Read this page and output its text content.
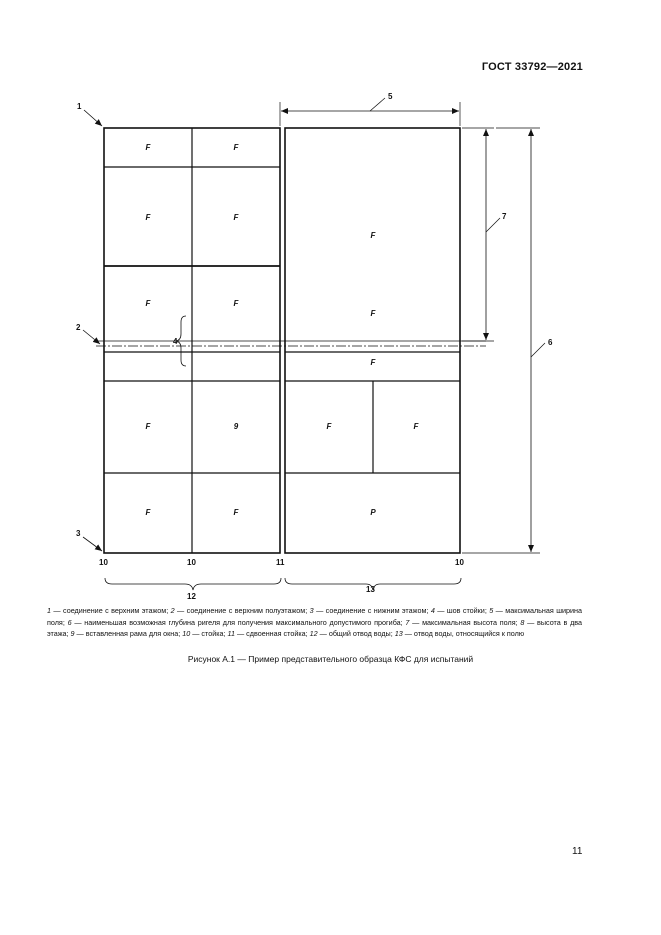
ГОСТ 33792—2021
F	F
F	F
F	F
F	9
F	F
F
F
F
F	F
P
1
2
3
4
5
6
7
10	10	11	10
12
13
1 — соединение с верхним этажом; 2 — соединение с верхним полуэтажом; 3 — соединение с нижним этажом; 4 — шов стойки; 5 — максимальная ширина поля; 6 — наименьшая возможная глубина ригеля для получения максимального допустимого прогиба; 7 — максимальная высота поля; 8 — высота в два этажа; 9 — вставленная рама для окна; 10 — стойка; 11 — сдвоенная стойка; 12 — общий отвод воды; 13 — отвод воды, относящийся к полю
Рисунок А.1 — Пример представительного образца КФС для испытаний
11
